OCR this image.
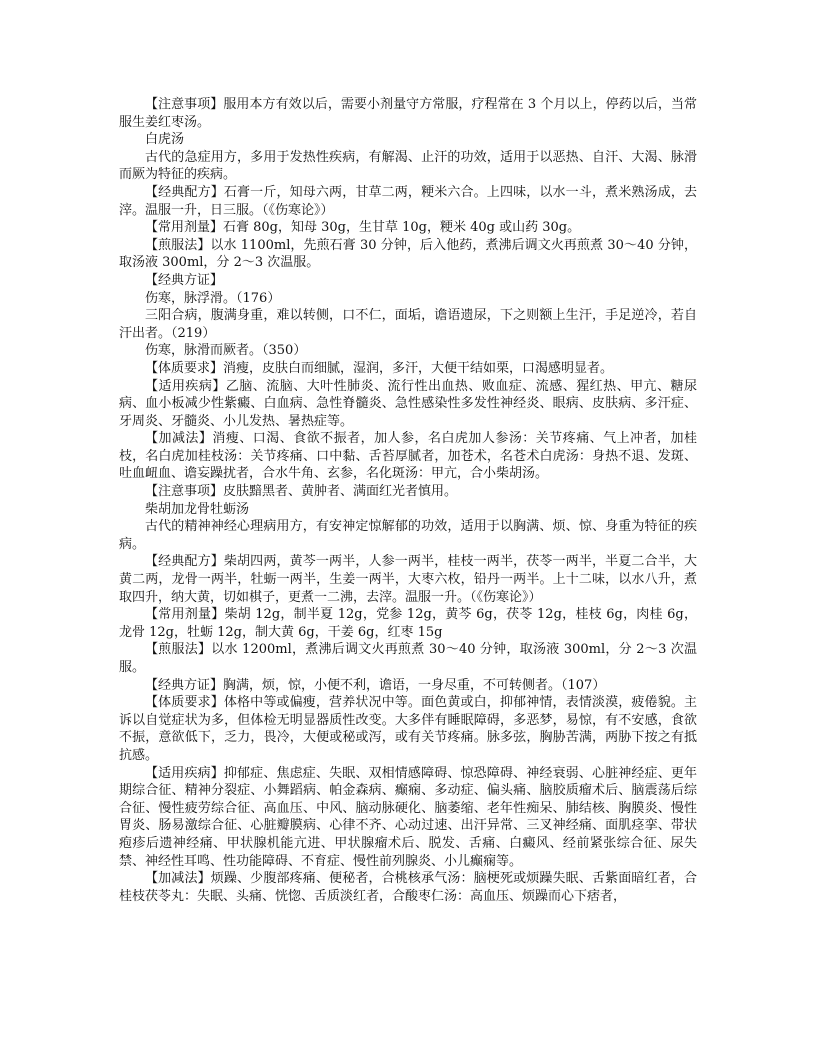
【注意事项】服用本方有效以后，需要小剂量守方常服，疗程常在 3 个月以上，停药以后，当常服生姜红枣汤。

白虎汤

古代的急症用方，多用于发热性疾病，有解渴、止汗的功效，适用于以恶热、自汗、大渴、脉滑而厥为特征的疾病。

【经典配方】石膏一斤，知母六两，甘草二两，粳米六合。上四味，以水一斗，煮米熟汤成，去滓。温服一升，日三服。（《伤寒论》）

【常用剂量】石膏 80g，知母 30g，生甘草 10g，粳米 40g 或山药 30g。

【煎服法】以水 1100ml，先煎石膏 30 分钟，后入他药，煮沸后调文火再煎煮 30～40 分钟，取汤液 300ml，分 2～3 次温服。

【经典方证】

伤寒，脉浮滑。（176）

三阳合病，腹满身重，难以转侧，口不仁，面垢，谵语遗尿，下之则额上生汗，手足逆冷，若自汗出者。（219）

伤寒，脉滑而厥者。（350）

【体质要求】消瘦，皮肤白而细腻，湿润，多汗，大便干结如栗，口渴感明显者。

【适用疾病】乙脑、流脑、大叶性肺炎、流行性出血热、败血症、流感、猩红热、甲亢、糖尿病、血小板减少性紫癜、白血病、急性脊髓炎、急性感染性多发性神经炎、眼病、皮肤病、多汗症、牙周炎、牙髓炎、小儿发热、暑热症等。

【加减法】消瘦、口渴、食欲不振者，加人参，名白虎加人参汤：关节疼痛、气上冲者，加桂枝，名白虎加桂枝汤：关节疼痛、口中黏、舌苔厚腻者，加苍术，名苍术白虎汤：身热不退、发斑、吐血衄血、谵妄躁扰者，合水牛角、玄参，名化斑汤：甲亢，合小柴胡汤。

【注意事项】皮肤黯黑者、黄肿者、满面红光者慎用。

柴胡加龙骨牡蛎汤

古代的精神神经心理病用方，有安神定惊解郁的功效，适用于以胸满、烦、惊、身重为特征的疾病。

【经典配方】柴胡四两，黄芩一两半，人参一两半，桂枝一两半，茯苓一两半，半夏二合半，大黄二两，龙骨一两半，牡蛎一两半，生姜一两半，大枣六枚，铅丹一两半。上十二味，以水八升，煮取四升，纳大黄，切如棋子，更煮一二沸，去滓。温服一升。（《伤寒论》）

【常用剂量】柴胡 12g，制半夏 12g，党参 12g，黄芩 6g，茯苓 12g，桂枝 6g，肉桂 6g，龙骨 12g，牡蛎 12g，制大黄 6g，干姜 6g，红枣 15g

【煎服法】以水 1200ml，煮沸后调文火再煎煮 30～40 分钟，取汤液 300ml，分 2～3 次温服。

【经典方证】胸满，烦，惊，小便不利，谵语，一身尽重，不可转侧者。（107）

【体质要求】体格中等或偏瘦，营养状况中等。面色黄或白，抑郁神情，表情淡漠，疲倦貌。主诉以自觉症状为多，但体检无明显器质性改变。大多伴有睡眠障碍，多恶梦，易惊，有不安感，食欲不振，意欲低下，乏力，畏冷，大便或秘或泻，或有关节疼痛。脉多弦，胸胁苦满，两胁下按之有抵抗感。

【适用疾病】抑郁症、焦虑症、失眠、双相情感障碍、惊恐障碍、神经衰弱、心脏神经症、更年期综合征、精神分裂症、小舞蹈病、帕金森病、癫痫、多动症、偏头痛、脑胶质瘤术后、脑震荡后综合征、慢性疲劳综合征、高血压、中风、脑动脉硬化、脑萎缩、老年性痴呆、肺结核、胸膜炎、慢性胃炎、肠易激综合征、心脏瓣膜病、心律不齐、心动过速、出汗异常、三叉神经痛、面肌痉挛、带状疱疹后遗神经痛、甲状腺机能亢进、甲状腺瘤术后、脱发、舌痛、白癜风、经前紧张综合征、尿失禁、神经性耳鸣、性功能障碍、不育症、慢性前列腺炎、小儿癫痫等。

【加减法】烦躁、少腹部疼痛、便秘者，合桃核承气汤：脑梗死或烦躁失眠、舌紫面暗红者，合桂枝茯苓丸：失眠、头痛、恍惚、舌质淡红者，合酸枣仁汤：高血压、烦躁而心下痞者，
